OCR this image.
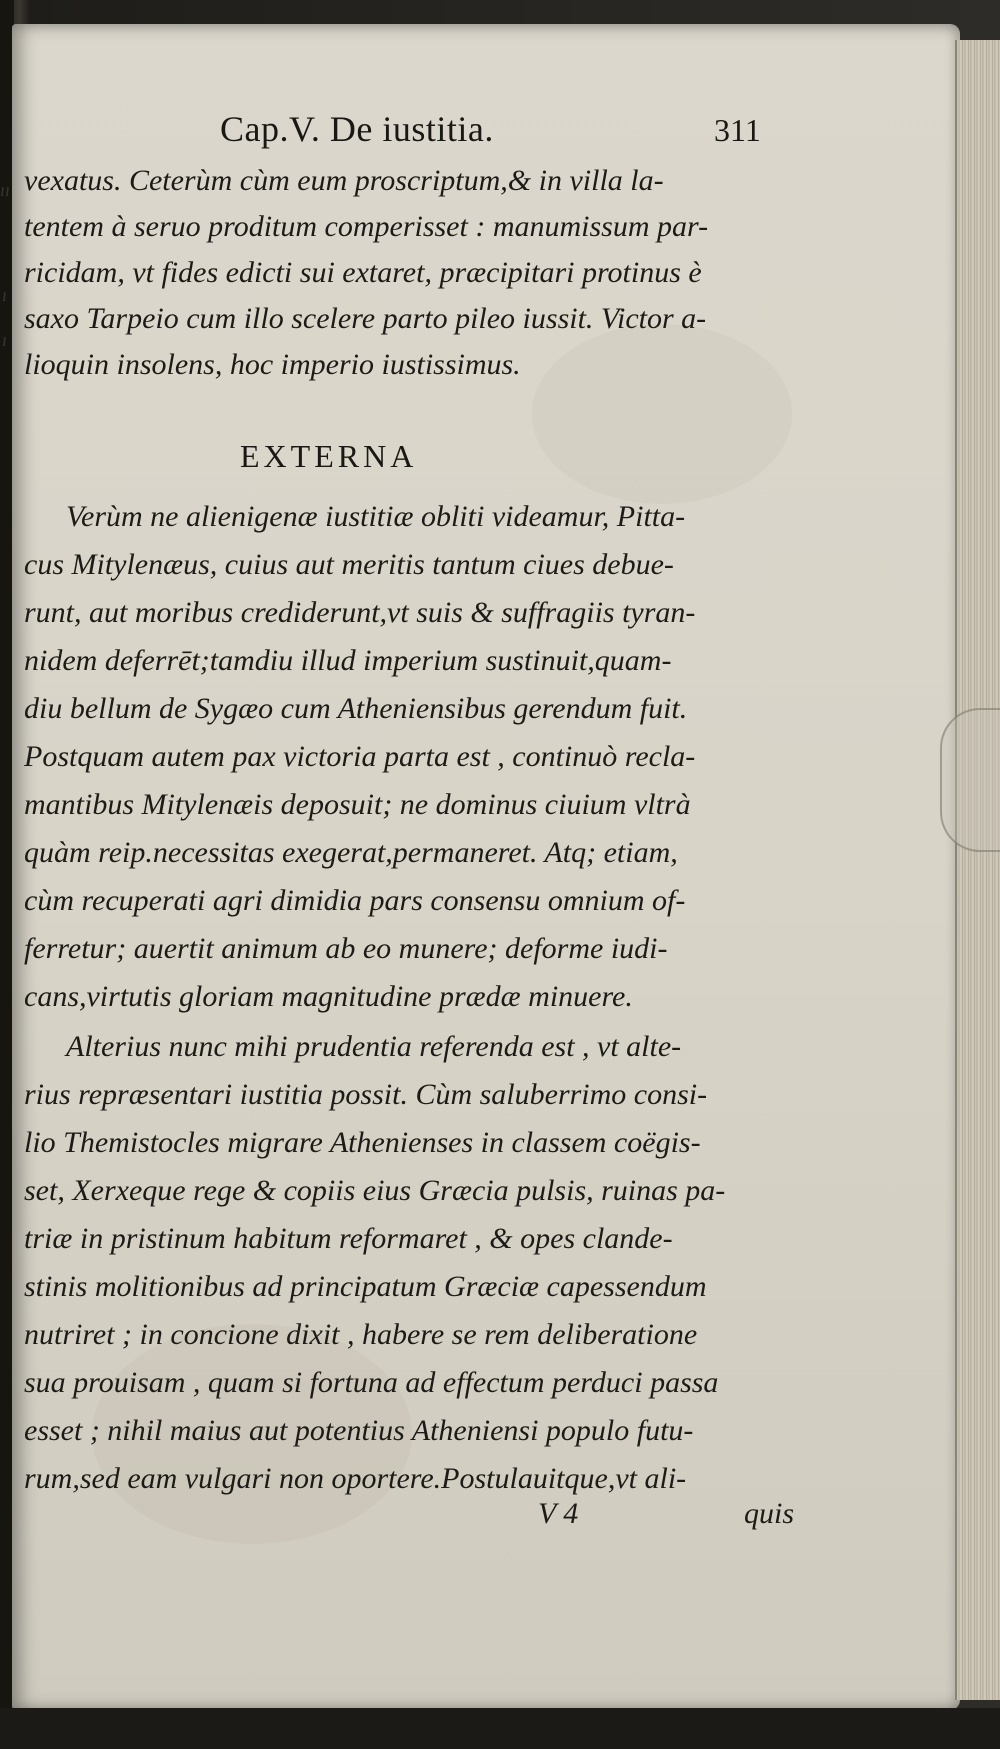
ıı
ı
ı
Cap.V. De iustitia.	311
vexatus. Ceterùm cùm eum proscriptum,& in villa la-
tentem à seruo proditum comperisset : manumissum par-
ricidam, vt fides edicti sui extaret, præcipitari protinus è
saxo Tarpeio cum illo scelere parto pileo iussit. Victor a-
lioquin insolens, hoc imperio iustissimus.
Verùm ne alienigenæ iustitiæ obliti videamur, Pitta-
cus Mitylenæus, cuius aut meritis tantum ciues debue-
runt, aut moribus crediderunt,vt suis & suffragiis tyran-
nidem deferrēt;tamdiu illud imperium sustinuit,quam-
diu bellum de Sygæo cum Atheniensibus gerendum fuit.
Postquam autem pax victoria parta est , continuò recla-
mantibus Mitylenæis deposuit; ne dominus ciuium vltrà
quàm reip.necessitas exegerat,permaneret. Atq; etiam,
cùm recuperati agri dimidia pars consensu omnium of-
ferretur; auertit animum ab eo munere; deforme iudi-
cans,virtutis gloriam magnitudine prædæ minuere.
Alterius nunc mihi prudentia referenda est , vt alte-
rius repræsentari iustitia possit. Cùm saluberrimo consi-
lio Themistocles migrare Athenienses in classem coëgis-
set, Xerxeque rege & copiis eius Græcia pulsis, ruinas pa-
triæ in pristinum habitum reformaret , & opes clande-
stinis molitionibus ad principatum Græciæ capessendum
nutriret ; in concione dixit , habere se rem deliberatione
sua prouisam , quam si fortuna ad effectum perduci passa
esset ; nihil maius aut potentius Atheniensi populo futu-
rum,sed eam vulgari non oportere.Postulauitque,vt ali-
EXTERNA
V 4	quis
